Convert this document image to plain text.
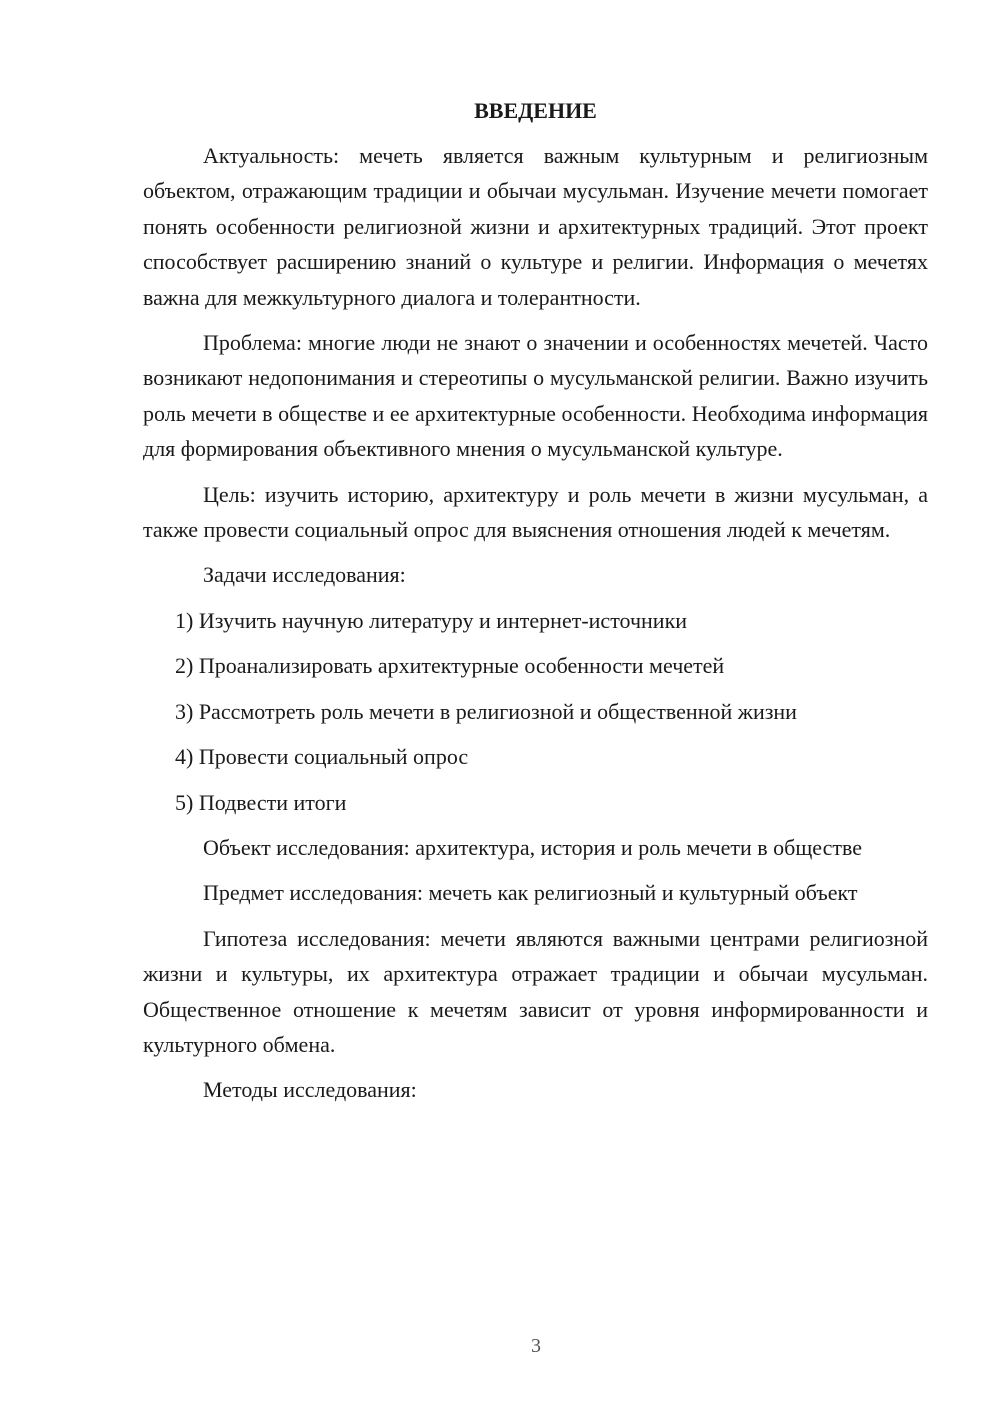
ВВЕДЕНИЕ

Актуальность: мечеть является важным культурным и религиозным объектом, отражающим традиции и обычаи мусульман. Изучение мечети помогает понять особенности религиозной жизни и архитектурных традиций. Этот проект способствует расширению знаний о культуре и религии. Информация о мечетях важна для межкультурного диалога и толерантности.

Проблема: многие люди не знают о значении и особенностях мечетей. Часто возникают недопонимания и стереотипы о мусульманской религии. Важно изучить роль мечети в обществе и ее архитектурные особенности. Необходима информация для формирования объективного мнения о мусульманской культуре.

Цель: изучить историю, архитектуру и роль мечети в жизни мусульман, а также провести социальный опрос для выяснения отношения людей к мечетям.

Задачи исследования:

1) Изучить научную литературу и интернет-источники
2) Проанализировать архитектурные особенности мечетей
3) Рассмотреть роль мечети в религиозной и общественной жизни
4) Провести социальный опрос
5) Подвести итоги

Объект исследования: архитектура, история и роль мечети в обществе

Предмет исследования: мечеть как религиозный и культурный объект

Гипотеза исследования: мечети являются важными центрами религиозной жизни и культуры, их архитектура отражает традиции и обычаи мусульман. Общественное отношение к мечетям зависит от уровня информированности и культурного обмена.

Методы исследования:

3
